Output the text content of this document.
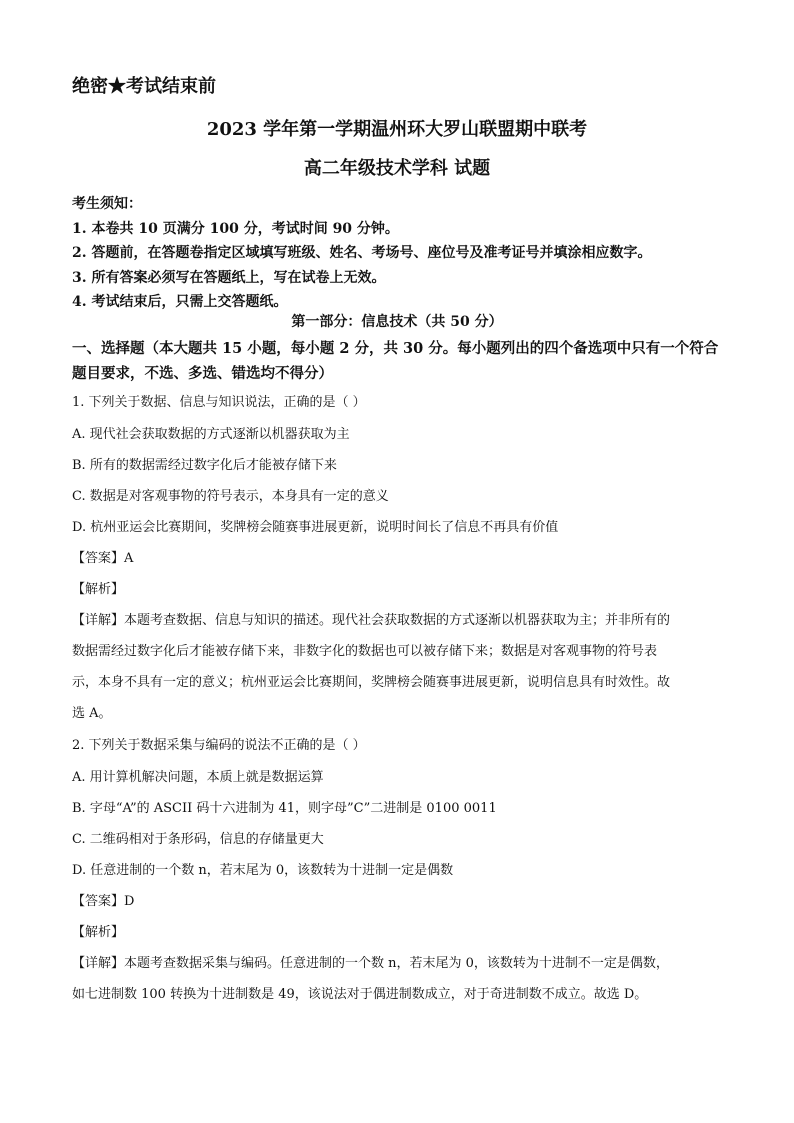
绝密★考试结束前
2023 学年第一学期温州环大罗山联盟期中联考
高二年级技术学科 试题
考生须知：
1. 本卷共 10 页满分 100 分，考试时间 90 分钟。
2. 答题前，在答题卷指定区域填写班级、姓名、考场号、座位号及准考证号并填涂相应数字。
3. 所有答案必须写在答题纸上，写在试卷上无效。
4. 考试结束后，只需上交答题纸。
第一部分：信息技术（共 50 分）
一、选择题（本大题共 15 小题，每小题 2 分，共 30 分。每小题列出的四个备选项中只有一个符合题目要求，不选、多选、错选均不得分）
1. 下列关于数据、信息与知识说法，正确的是（ ）
A. 现代社会获取数据的方式逐渐以机器获取为主
B. 所有的数据需经过数字化后才能被存储下来
C. 数据是对客观事物的符号表示，本身具有一定的意义
D. 杭州亚运会比赛期间，奖牌榜会随赛事进展更新，说明时间长了信息不再具有价值
【答案】A
【解析】
【详解】本题考查数据、信息与知识的描述。现代社会获取数据的方式逐渐以机器获取为主；并非所有的
数据需经过数字化后才能被存储下来，非数字化的数据也可以被存储下来；数据是对客观事物的符号表
示，本身不具有一定的意义；杭州亚运会比赛期间，奖牌榜会随赛事进展更新，说明信息具有时效性。故
选 A。
2. 下列关于数据采集与编码的说法不正确的是（ ）
A. 用计算机解决问题，本质上就是数据运算
B. 字母“A”的 ASCII 码十六进制为 41，则字母”C”二进制是 0100 0011
C. 二维码相对于条形码，信息的存储量更大
D. 任意进制的一个数 n，若末尾为 0，该数转为十进制一定是偶数
【答案】D
【解析】
【详解】本题考查数据采集与编码。任意进制的一个数 n，若末尾为 0，该数转为十进制不一定是偶数，
如七进制数 100 转换为十进制数是 49，该说法对于偶进制数成立，对于奇进制数不成立。故选 D。
